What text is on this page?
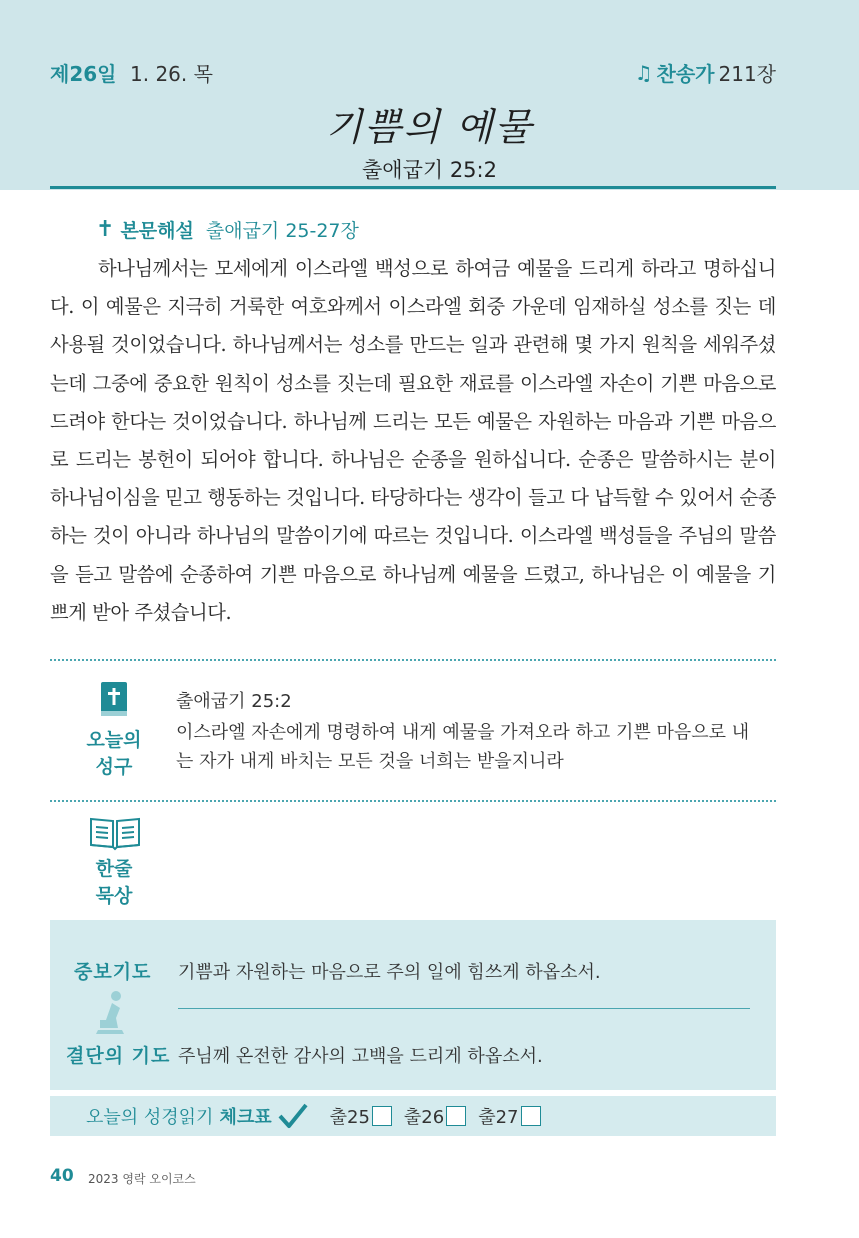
제26일 1. 26. 목	♫ 찬송가 211장
기쁨의 예물
출애굽기 25:2
✝ 본문해설 출애굽기 25-27장

하나님께서는 모세에게 이스라엘 백성으로 하여금 예물을 드리게 하라고 명하십니다. 이 예물은 지극히 거룩한 여호와께서 이스라엘 회중 가운데 임재하실 성소를 짓는 데 사용될 것이었습니다. 하나님께서는 성소를 만드는 일과 관련해 몇 가지 원칙을 세워주셨는데 그중에 중요한 원칙이 성소를 짓는데 필요한 재료를 이스라엘 자손이 기쁜 마음으로 드려야 한다는 것이었습니다. 하나님께 드리는 모든 예물은 자원하는 마음과 기쁜 마음으로 드리는 봉헌이 되어야 합니다. 하나님은 순종을 원하십니다. 순종은 말씀하시는 분이 하나님이심을 믿고 행동하는 것입니다. 타당하다는 생각이 들고 다 납득할 수 있어서 순종하는 것이 아니라 하나님의 말씀이기에 따르는 것입니다. 이스라엘 백성들을 주님의 말씀을 듣고 말씀에 순종하여 기쁜 마음으로 하나님께 예물을 드렸고, 하나님은 이 예물을 기쁘게 받아 주셨습니다.

오늘의
성구
출애굽기 25:2

이스라엘 자손에게 명령하여 내게 예물을 가져오라 하고 기쁜 마음으로 내는 자가 내게 바치는 모든 것을 너희는 받을지니라

한줄
묵상
중보기도 기쁨과 자원하는 마음으로 주의 일에 힘쓰게 하옵소서.
결단의 기도 주님께 온전한 감사의 고백을 드리게 하옵소서.
오늘의 성경읽기 체크표	출25 출26 출27
40 2023 영락 오이코스
